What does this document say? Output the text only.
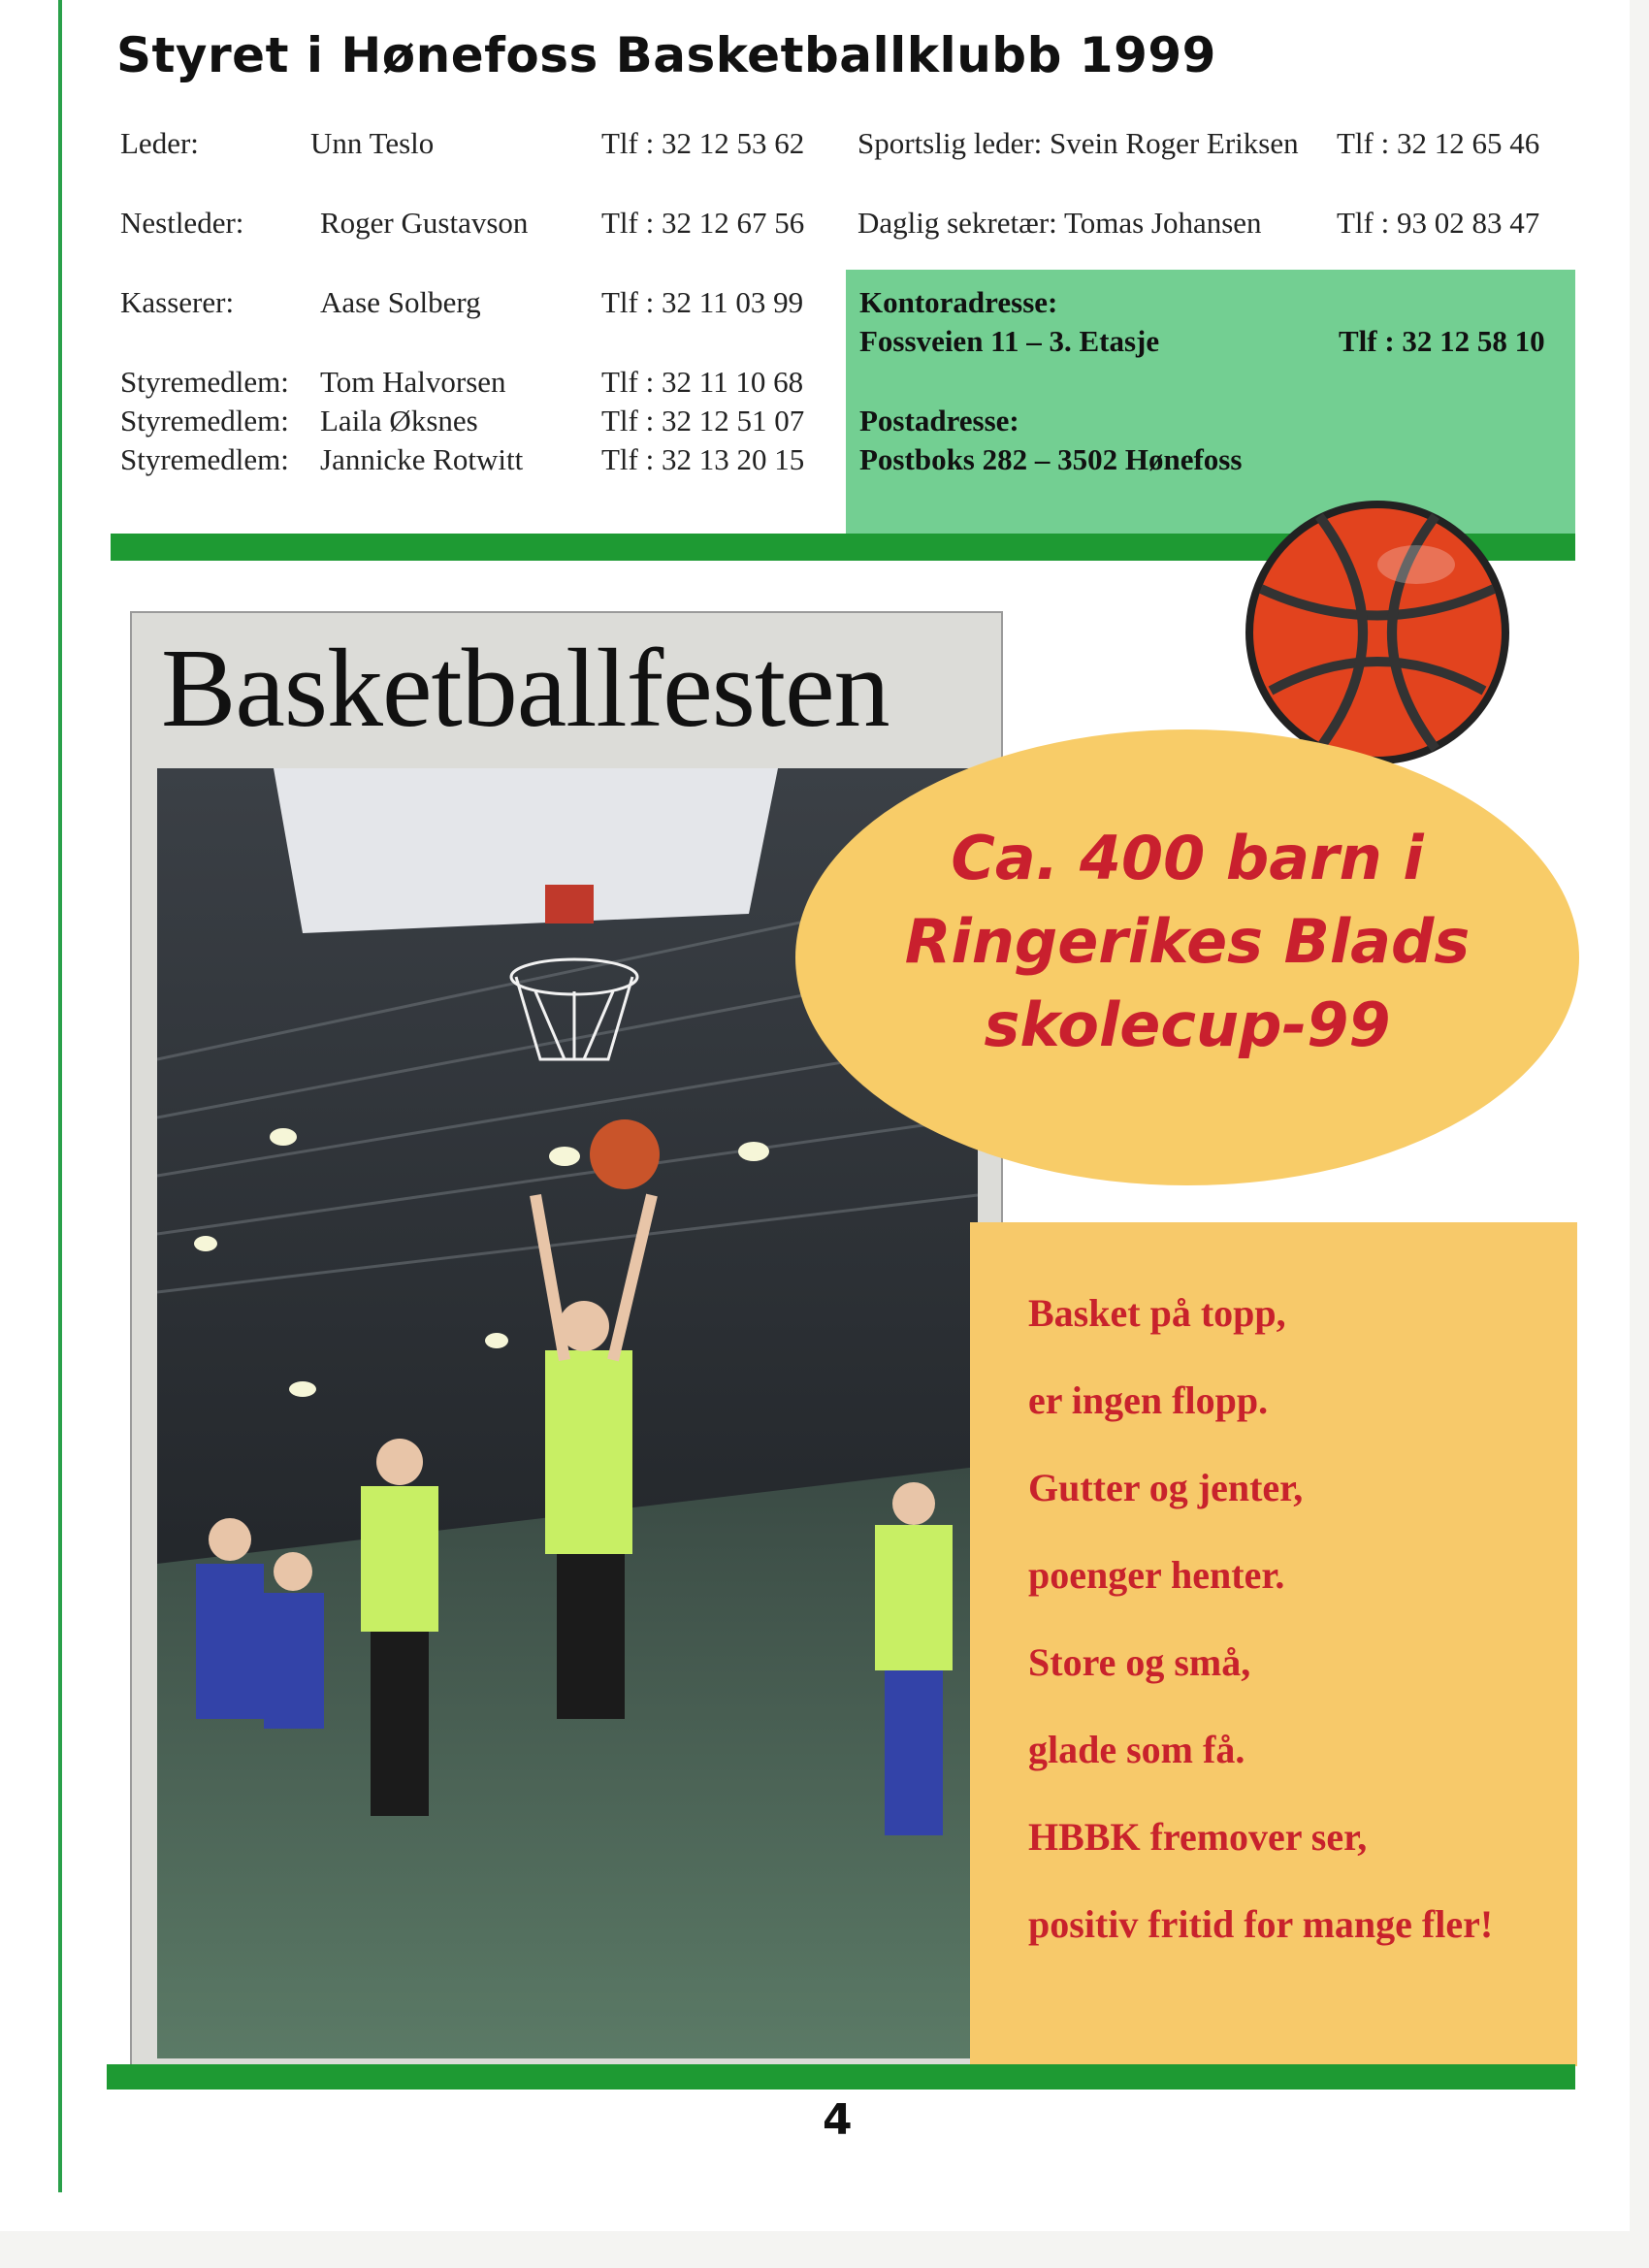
Styret i Hønefoss Basketballklubb 1999
Leder:	Unn Teslo	Tlf : 32 12 53 62
Nestleder:	Roger Gustavson Tlf : 32 12 67 56
Kasserer:	Aase Solberg	Tlf : 32 11 03 99
Styremedlem: Tom Halvorsen	Tlf : 32 11 10 68
Styremedlem: Laila Øksnes	Tlf : 32 12 51 07
Styremedlem: Jannicke Rotwitt	Tlf : 32 13 20 15
Sportslig leder: Svein Roger Eriksen Tlf : 32 12 65 46
Daglig sekretær: Tomas Johansen Tlf : 93 02 83 47
Kontoradresse:
Fossveien 11 – 3. Etasje	Tlf : 32 12 58 10
Postadresse:
Postboks 282 – 3502 Hønefoss
Basketballfesten
Ca. 400 barn i
Ringerikes Blads
skolecup-99
Basket på topp,
er ingen flopp.
Gutter og jenter,
poenger henter.
Store og små,
glade som få.
HBBK fremover ser,
positiv fritid for mange fler!
4
